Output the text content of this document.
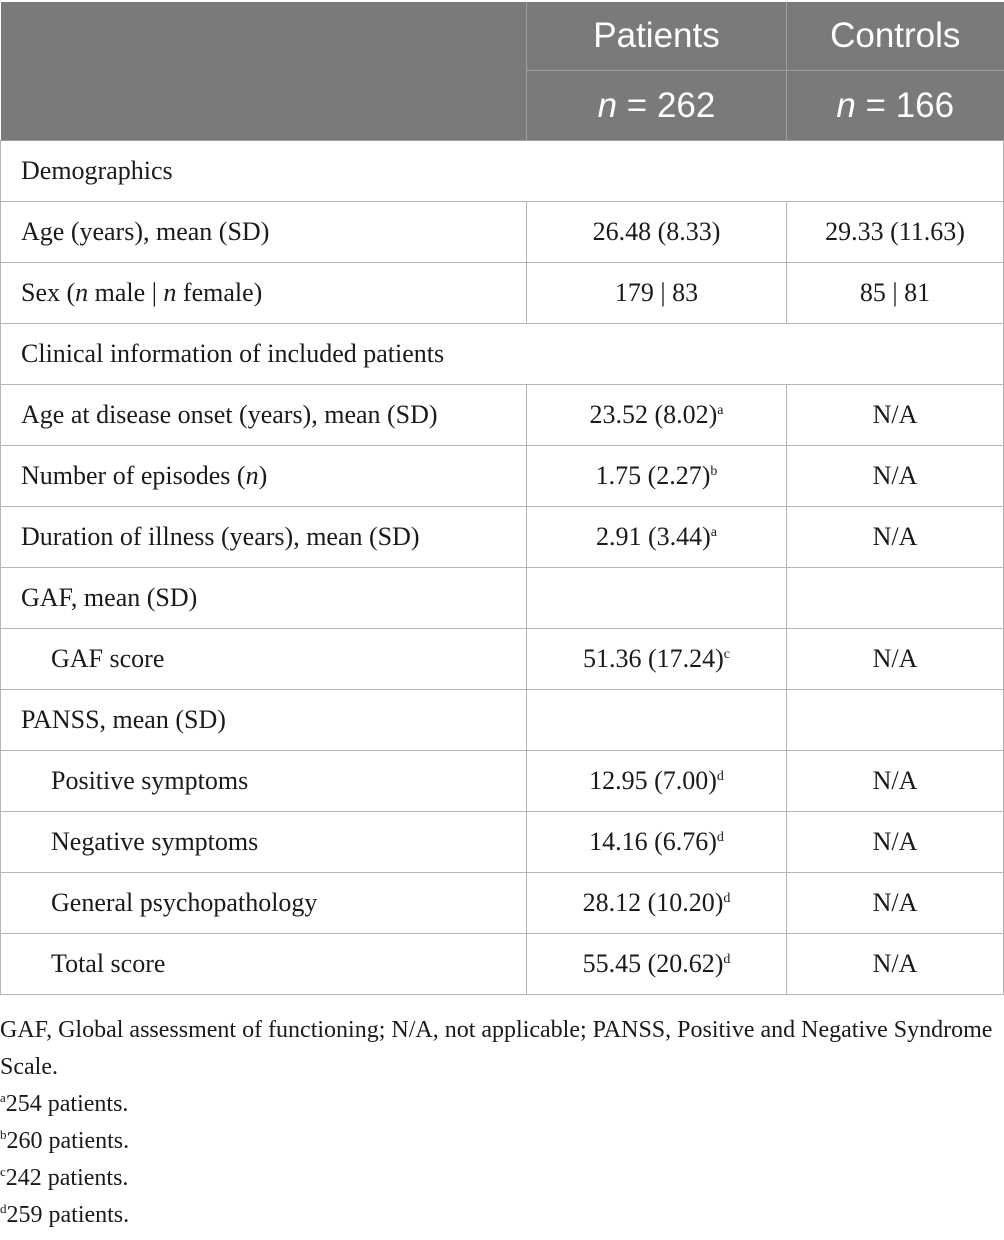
	Patients	Controls
	n = 262	n = 166
Demographics		
Age (years), mean (SD)	26.48 (8.33)	29.33 (11.63)
Sex (n male | n female)	179 | 83	85 | 81
Clinical information of included patients		
Age at disease onset (years), mean (SD)	23.52 $(8.02)^a$	N/A
Number of episodes (n)	1.75 $(2.27)^b$	N/A
Duration of illness (years), mean (SD)	2.91 $(3.44)^a$	N/A
GAF, mean (SD)		
GAF score	51.36 $(17.24)^c$	N/A
PANSS, mean (SD)		
Positive symptoms	12.95 $(7.00)^d$	N/A
Negative symptoms	14.16 $(6.76)^d$	N/A
General psychopathology	28.12 $(10.20)^d$	N/A
Total score	55.45 $(20.62)^d$	N/A

GAF, Global assessment of functioning; N/A, not applicable; PANSS, Positive and Negative Syndrome Scale.

$^a$254 patients.

$^b$260 patients.

$^c$242 patients.

$^d$259 patients.
